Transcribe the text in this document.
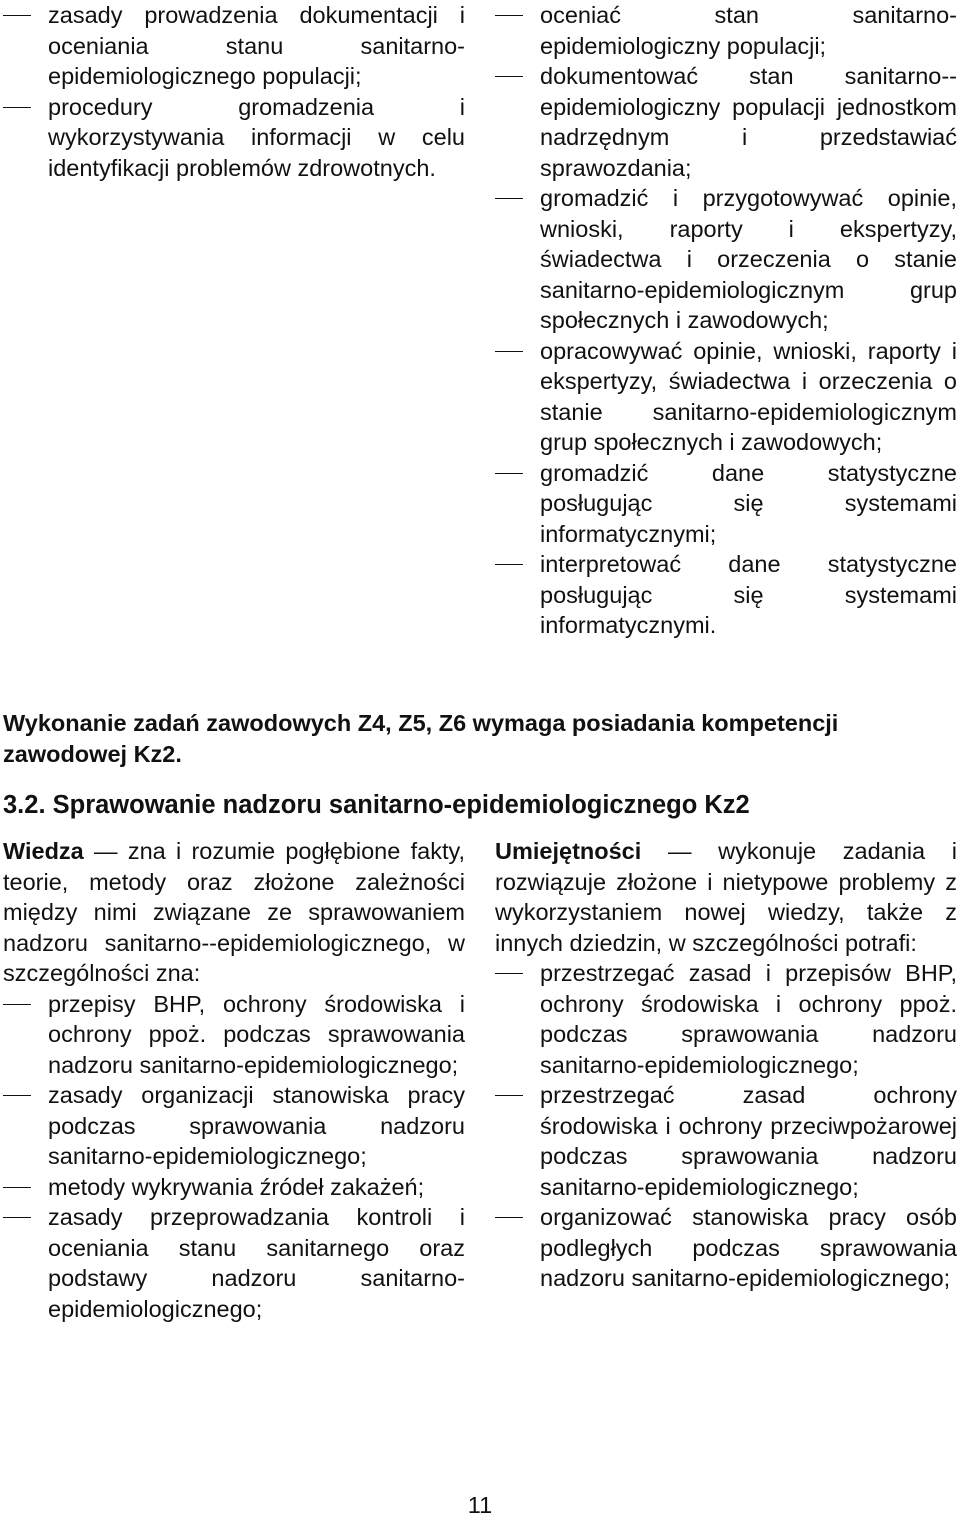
zasady prowadzenia dokumentacji i oceniania stanu sanitarno-epidemiologicznego populacji;
procedury gromadzenia i wykorzystywania informacji w celu identyfikacji problemów zdrowotnych.
oceniać stan sanitarno-epidemiologiczny populacji;
dokumentować stan sanitarno--epidemiologiczny populacji jednostkom nadrzędnym i przedstawiać sprawozdania;
gromadzić i przygotowywać opinie, wnioski, raporty i ekspertyzy, świadectwa i orzeczenia o stanie sanitarno-epidemiologicznym grup społecznych i zawodowych;
opracowywać opinie, wnioski, raporty i ekspertyzy, świadectwa i orzeczenia o stanie sanitarno-epidemiologicznym grup społecznych i zawodowych;
gromadzić dane statystyczne posługując się systemami informatycznymi;
interpretować dane statystyczne posługując się systemami informatycznymi.
Wykonanie zadań zawodowych Z4, Z5, Z6 wymaga posiadania kompetencji zawodowej Kz2.
3.2. Sprawowanie nadzoru sanitarno-epidemiologicznego Kz2
Wiedza — zna i rozumie pogłębione fakty, teorie, metody oraz złożone zależności między nimi związane ze sprawowaniem nadzoru sanitarno--epidemiologicznego, w szczególności zna:
przepisy BHP, ochrony środowiska i ochrony ppoż. podczas sprawowania nadzoru sanitarno-epidemiologicznego;
zasady organizacji stanowiska pracy podczas sprawowania nadzoru sanitarno-epidemiologicznego;
metody wykrywania źródeł zakażeń;
zasady przeprowadzania kontroli i oceniania stanu sanitarnego oraz podstawy nadzoru sanitarno-epidemiologicznego;
Umiejętności — wykonuje zadania i rozwiązuje złożone i nietypowe problemy z wykorzystaniem nowej wiedzy, także z innych dziedzin, w szczególności potrafi:
przestrzegać zasad i przepisów BHP, ochrony środowiska i ochrony ppoż. podczas sprawowania nadzoru sanitarno-epidemiologicznego;
przestrzegać zasad ochrony środowiska i ochrony przeciwpożarowej podczas sprawowania nadzoru sanitarno-epidemiologicznego;
organizować stanowiska pracy osób podległych podczas sprawowania nadzoru sanitarno-epidemiologicznego;
11
